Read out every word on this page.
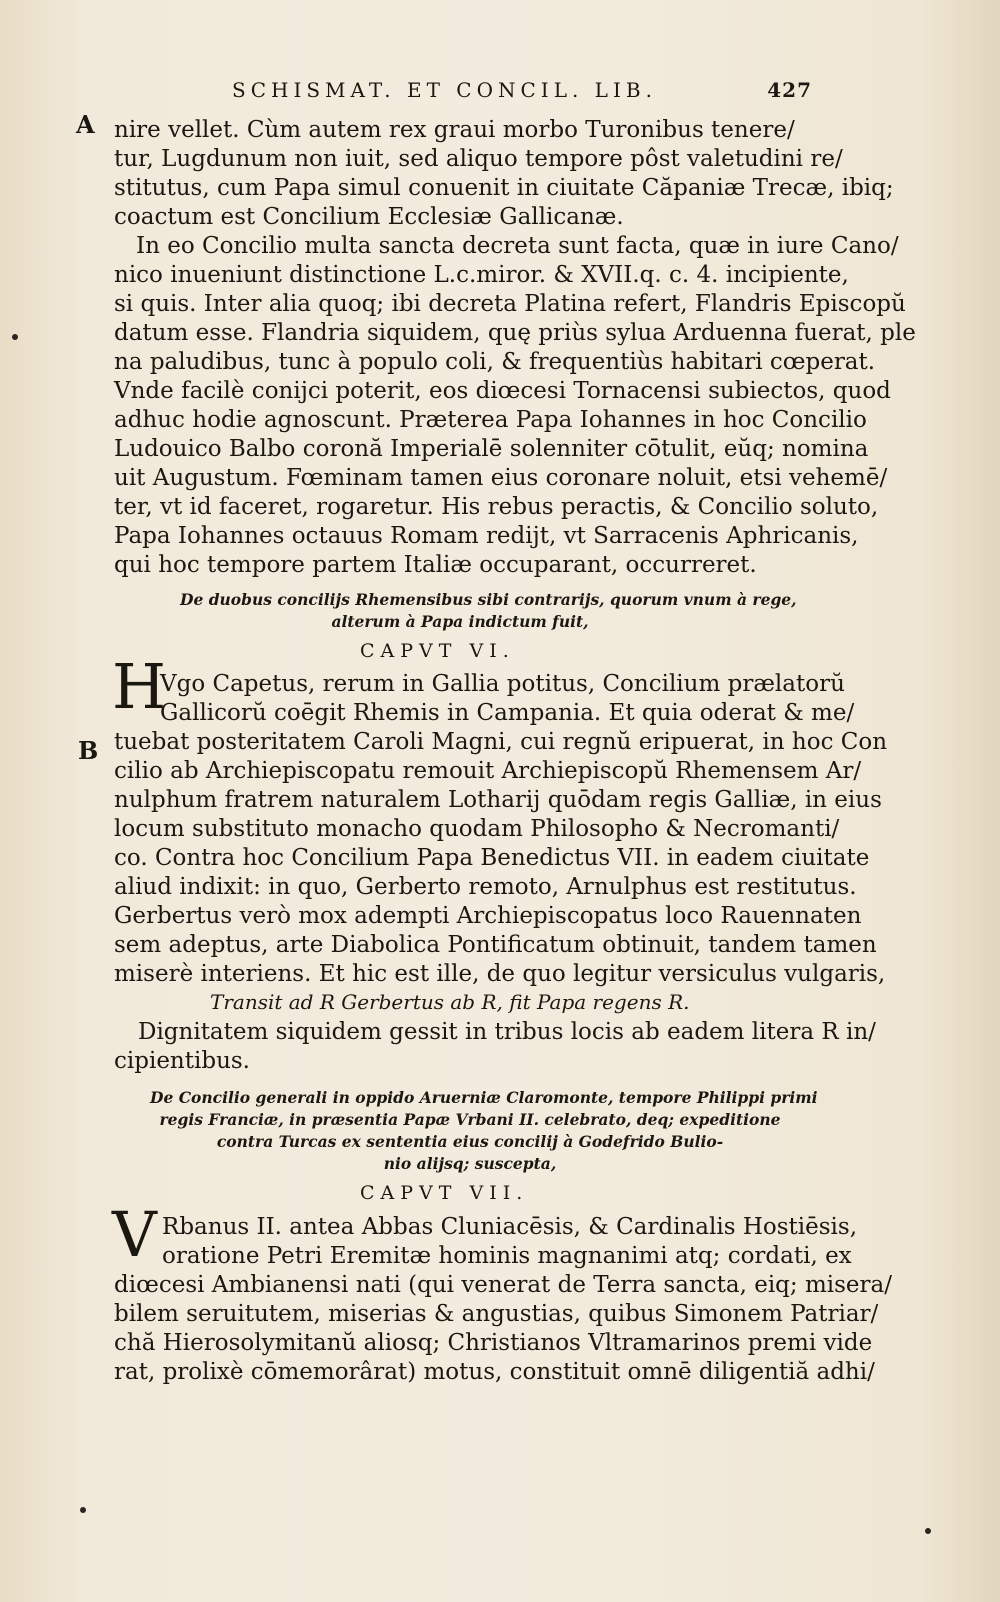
SCHISMAT. ET CONCIL. LIB.	427
A
B
nire vellet. Cùm autem rex graui morbo Turonibus tenere/
tur, Lugdunum non iuit, sed aliquo tempore pôst valetudini re/
stitutus, cum Papa simul conuenit in ciuitate Căpaniæ Trecæ, ibiq;
coactum est Concilium Ecclesiæ Gallicanæ.
In eo Concilio multa sancta decreta sunt facta, quæ in iure Cano/
nico inueniunt distinctione L.c.miror. & XVII.q. c. 4. incipiente,
si quis. Inter alia quoq; ibi decreta Platina refert, Flandris Episcopŭ
datum esse. Flandria siquidem, quę priùs sylua Arduenna fuerat, ple
na paludibus, tunc à populo coli, & frequentiùs habitari cœperat.
Vnde facilè conijci poterit, eos diœcesi Tornacensi subiectos, quod
adhuc hodie agnoscunt. Præterea Papa Iohannes in hoc Concilio
Ludouico Balbo coronă Imperialē solenniter cōtulit, eŭq; nomina
uit Augustum. Fœminam tamen eius coronare noluit, etsi vehemē/
ter, vt id faceret, rogaretur. His rebus peractis, & Concilio soluto,
Papa Iohannes octauus Romam redijt, vt Sarracenis Aphricanis,
qui hoc tempore partem Italiæ occuparant, occurreret.
De duobus concilijs Rhemensibus sibi contrarijs, quorum vnum à rege,
alterum à Papa indictum fuit,
CAPVT VI.
H
Vgo Capetus, rerum in Gallia potitus, Concilium prælatorŭ
Gallicorŭ coēgit Rhemis in Campania. Et quia oderat & me/
tuebat posteritatem Caroli Magni, cui regnŭ eripuerat, in hoc Con
cilio ab Archiepiscopatu remouit Archiepiscopŭ Rhemensem Ar/
nulphum fratrem naturalem Lotharij quōdam regis Galliæ, in eius
locum substituto monacho quodam Philosopho & Necromanti/
co. Contra hoc Concilium Papa Benedictus VII. in eadem ciuitate
aliud indixit: in quo, Gerberto remoto, Arnulphus est restitutus.
Gerbertus verò mox adempti Archiepiscopatus loco Rauennaten
sem adeptus, arte Diabolica Pontificatum obtinuit, tandem tamen
miserè interiens. Et hic est ille, de quo legitur versiculus vulgaris,
Transit ad R Gerbertus ab R, fit Papa regens R.
Dignitatem siquidem gessit in tribus locis ab eadem litera R in/
cipientibus.
De Concilio generali in oppido Aruerniæ Claromonte, tempore Philippi primi
regis Franciæ, in præsentia Papæ Vrbani II. celebrato, deq; expeditione
contra Turcas ex sententia eius concilij à Godefrido Bulio-
nio alijsq; suscepta,
CAPVT VII.
V Rbanus II. antea Abbas Cluniacēsis, & Cardinalis Hostiēsis,
oratione Petri Eremitæ hominis magnanimi atq; cordati, ex
diœcesi Ambianensi nati (qui venerat de Terra sancta, eiq; misera/
bilem seruitutem, miserias & angustias, quibus Simonem Patriar/
chă Hierosolymitanŭ aliosq; Christianos Vltramarinos premi vide
rat, prolixè cōmemorârat) motus, constituit omnē diligentiă adhi/
